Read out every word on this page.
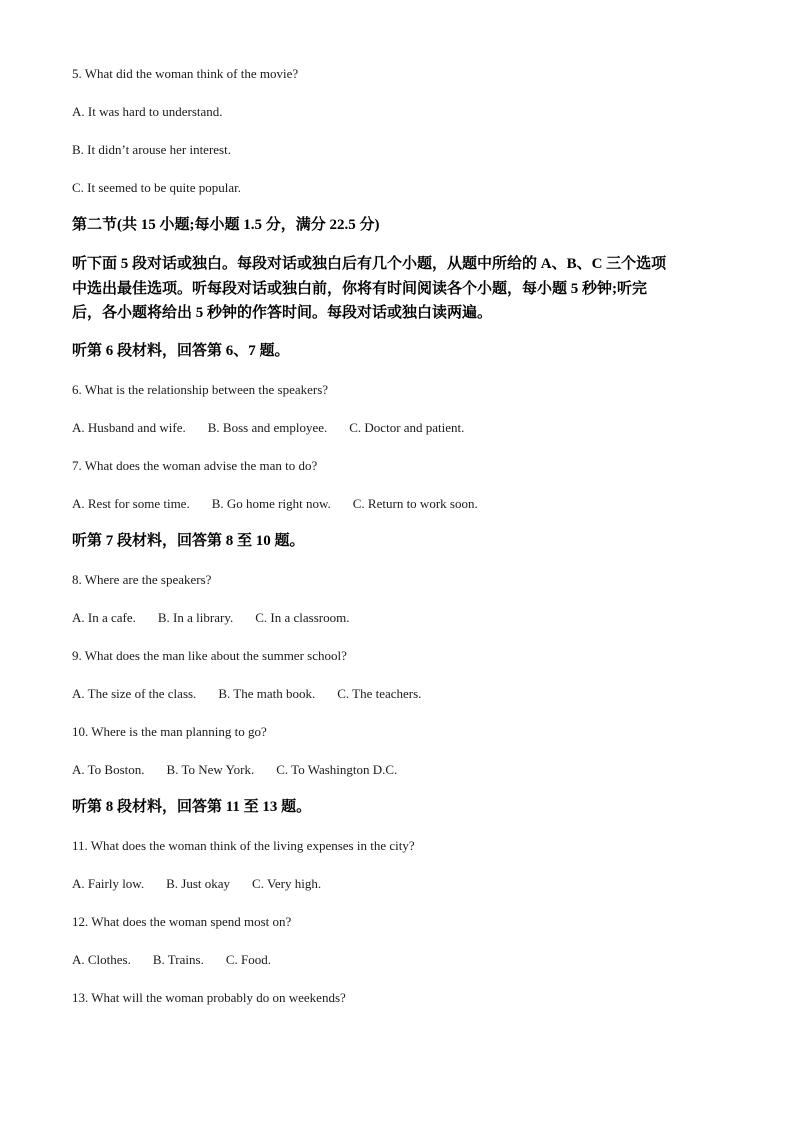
5. What did the woman think of the movie?
A. It was hard to understand.
B. It didn’t arouse her interest.
C. It seemed to be quite popular.
第二节(共 15 小题;每小题 1.5 分，满分 22.5 分)
听下面 5 段对话或独白。每段对话或独白后有几个小题，从题中所给的 A、B、C 三个选项
中选出最佳选项。听每段对话或独白前，你将有时间阅读各个小题，每小题 5 秒钟;听完
后，各小题将给出 5 秒钟的作答时间。每段对话或独白读两遍。
听第 6 段材料，回答第 6、7 题。
6. What is the relationship between the speakers?
A. Husband and wife. B. Boss and employee. C. Doctor and patient.
7. What does the woman advise the man to do?
A. Rest for some time. B. Go home right now. C. Return to work soon.
听第 7 段材料，回答第 8 至 10 题。
8. Where are the speakers?
A. In a cafe. B. In a library. C. In a classroom.
9. What does the man like about the summer school?
A. The size of the class. B. The math book. C. The teachers.
10. Where is the man planning to go?
A. To Boston. B. To New York. C. To Washington D.C.
听第 8 段材料，回答第 11 至 13 题。
11. What does the woman think of the living expenses in the city?
A. Fairly low. B. Just okay C. Very high.
12. What does the woman spend most on?
A. Clothes. B. Trains. C. Food.
13. What will the woman probably do on weekends?
